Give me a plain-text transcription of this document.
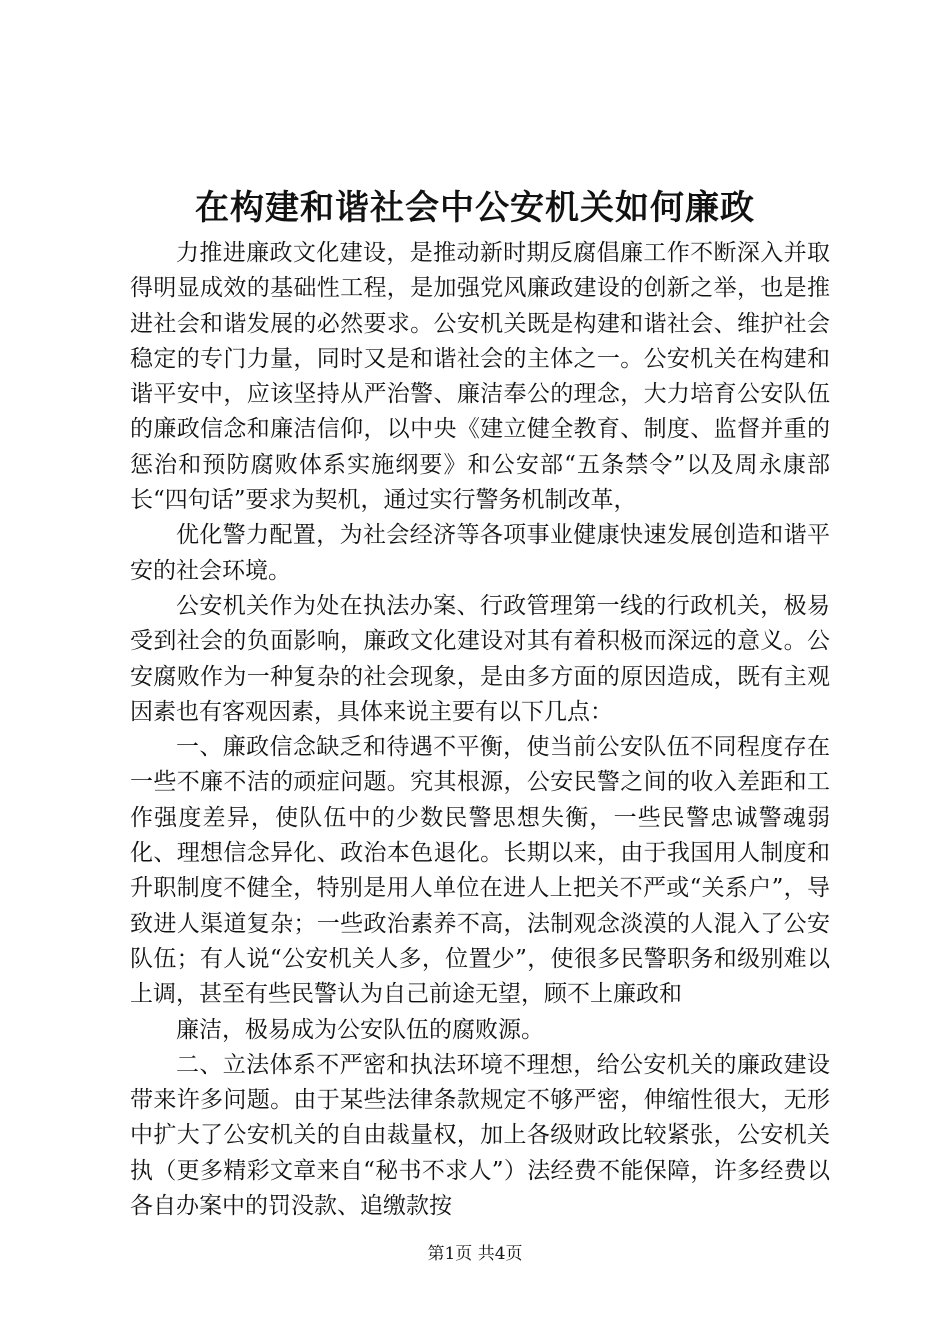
在构建和谐社会中公安机关如何廉政

力推进廉政文化建设，是推动新时期反腐倡廉工作不断深入并取得明显成效的基础性工程，是加强党风廉政建设的创新之举，也是推进社会和谐发展的必然要求。公安机关既是构建和谐社会、维护社会稳定的专门力量，同时又是和谐社会的主体之一。公安机关在构建和谐平安中，应该坚持从严治警、廉洁奉公的理念，大力培育公安队伍的廉政信念和廉洁信仰，以中央《建立健全教育、制度、监督并重的惩治和预防腐败体系实施纲要》和公安部“五条禁令”以及周永康部长“四句话”要求为契机，通过实行警务机制改革，

优化警力配置，为社会经济等各项事业健康快速发展创造和谐平安的社会环境。

公安机关作为处在执法办案、行政管理第一线的行政机关，极易受到社会的负面影响，廉政文化建设对其有着积极而深远的意义。公安腐败作为一种复杂的社会现象，是由多方面的原因造成，既有主观因素也有客观因素，具体来说主要有以下几点：

一、廉政信念缺乏和待遇不平衡，使当前公安队伍不同程度存在一些不廉不洁的顽症问题。究其根源，公安民警之间的收入差距和工作强度差异，使队伍中的少数民警思想失衡，一些民警忠诚警魂弱化、理想信念异化、政治本色退化。长期以来，由于我国用人制度和升职制度不健全，特别是用人单位在进人上把关不严或“关系户”，导致进人渠道复杂；一些政治素养不高，法制观念淡漠的人混入了公安队伍；有人说“公安机关人多，位置少”，使很多民警职务和级别难以上调，甚至有些民警认为自己前途无望，顾不上廉政和

廉洁，极易成为公安队伍的腐败源。

二、立法体系不严密和执法环境不理想，给公安机关的廉政建设带来许多问题。由于某些法律条款规定不够严密，伸缩性很大，无形中扩大了公安机关的自由裁量权，加上各级财政比较紧张，公安机关执（更多精彩文章来自“秘书不求人”）法经费不能保障，许多经费以各自办案中的罚没款、追缴款按

第1页 共4页
